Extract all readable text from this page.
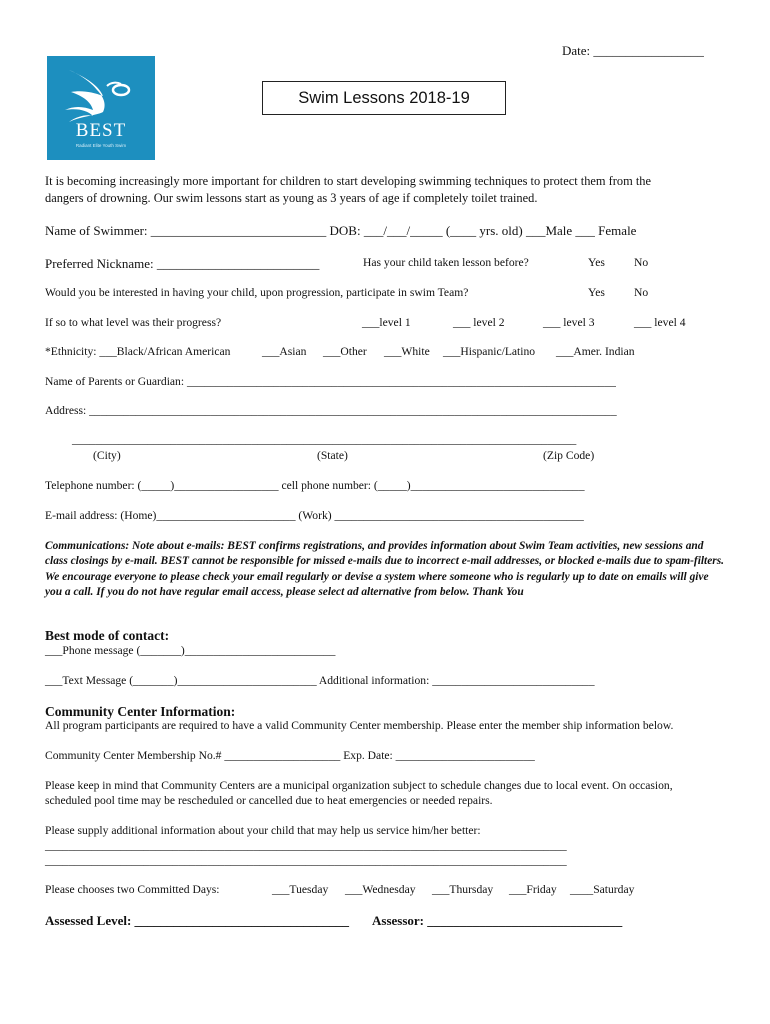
Date: _________________
BEST
Radiant Elite Youth Swim
Swim Lessons 2018-19
It is becoming increasingly more important for children to start developing swimming techniques to protect them from the
dangers of drowning. Our swim lessons start as young as 3 years of age if completely toilet trained.
Name of Swimmer: ___________________________ DOB: ___/___/_____ (____ yrs. old) ___Male ___ Female
Preferred Nickname: _________________________	Has your child taken lesson before?	Yes	No
Would you be interested in having your child, upon progression, participate in swim Team?	Yes	No
If so to what level was their progress?	___level 1	___ level 2	___ level 3	___ level 4
*Ethnicity: ___Black/African American	___Asian ___Other ___White ___Hispanic/Latino ___Amer. Indian
Name of Parents or Guardian: __________________________________________________________________________
Address: ___________________________________________________________________________________________
_______________________________________________________________________________________
(City)	(State)	(Zip Code)
Telephone number: (_____)__________________ cell phone number: (_____)______________________________
E-mail address: (Home)________________________ (Work) ___________________________________________
Communications: Note about e-mails: BEST confirms registrations, and provides information about Swim Team activities, new sessions and class closings by e-mail. BEST cannot be responsible for missed e-mails due to incorrect e-mail addresses, or blocked e-mails due to spam-filters. We encourage everyone to please check your email regularly or devise a system where someone who is regularly up to date on emails will give you a call. If you do not have regular email access, please select ad alternative from below. Thank You
Best mode of contact:
___Phone message (_______)__________________________
___Text Message (_______)________________________ Additional information: ____________________________
Community Center Information:
All program participants are required to have a valid Community Center membership. Please enter the member ship information below.
Community Center Membership No.# ____________________ Exp. Date: ________________________
Please keep in mind that Community Centers are a municipal organization subject to schedule changes due to local event. On occasion,
scheduled pool time may be rescheduled or cancelled due to heat emergencies or needed repairs.
Please supply additional information about your child that may help us service him/her better:
__________________________________________________________________________________________
__________________________________________________________________________________________
Please chooses two Committed Days:	___Tuesday ___Wednesday ___Thursday ___Friday ____Saturday
Assessed Level: _________________________________ Assessor: ______________________________
